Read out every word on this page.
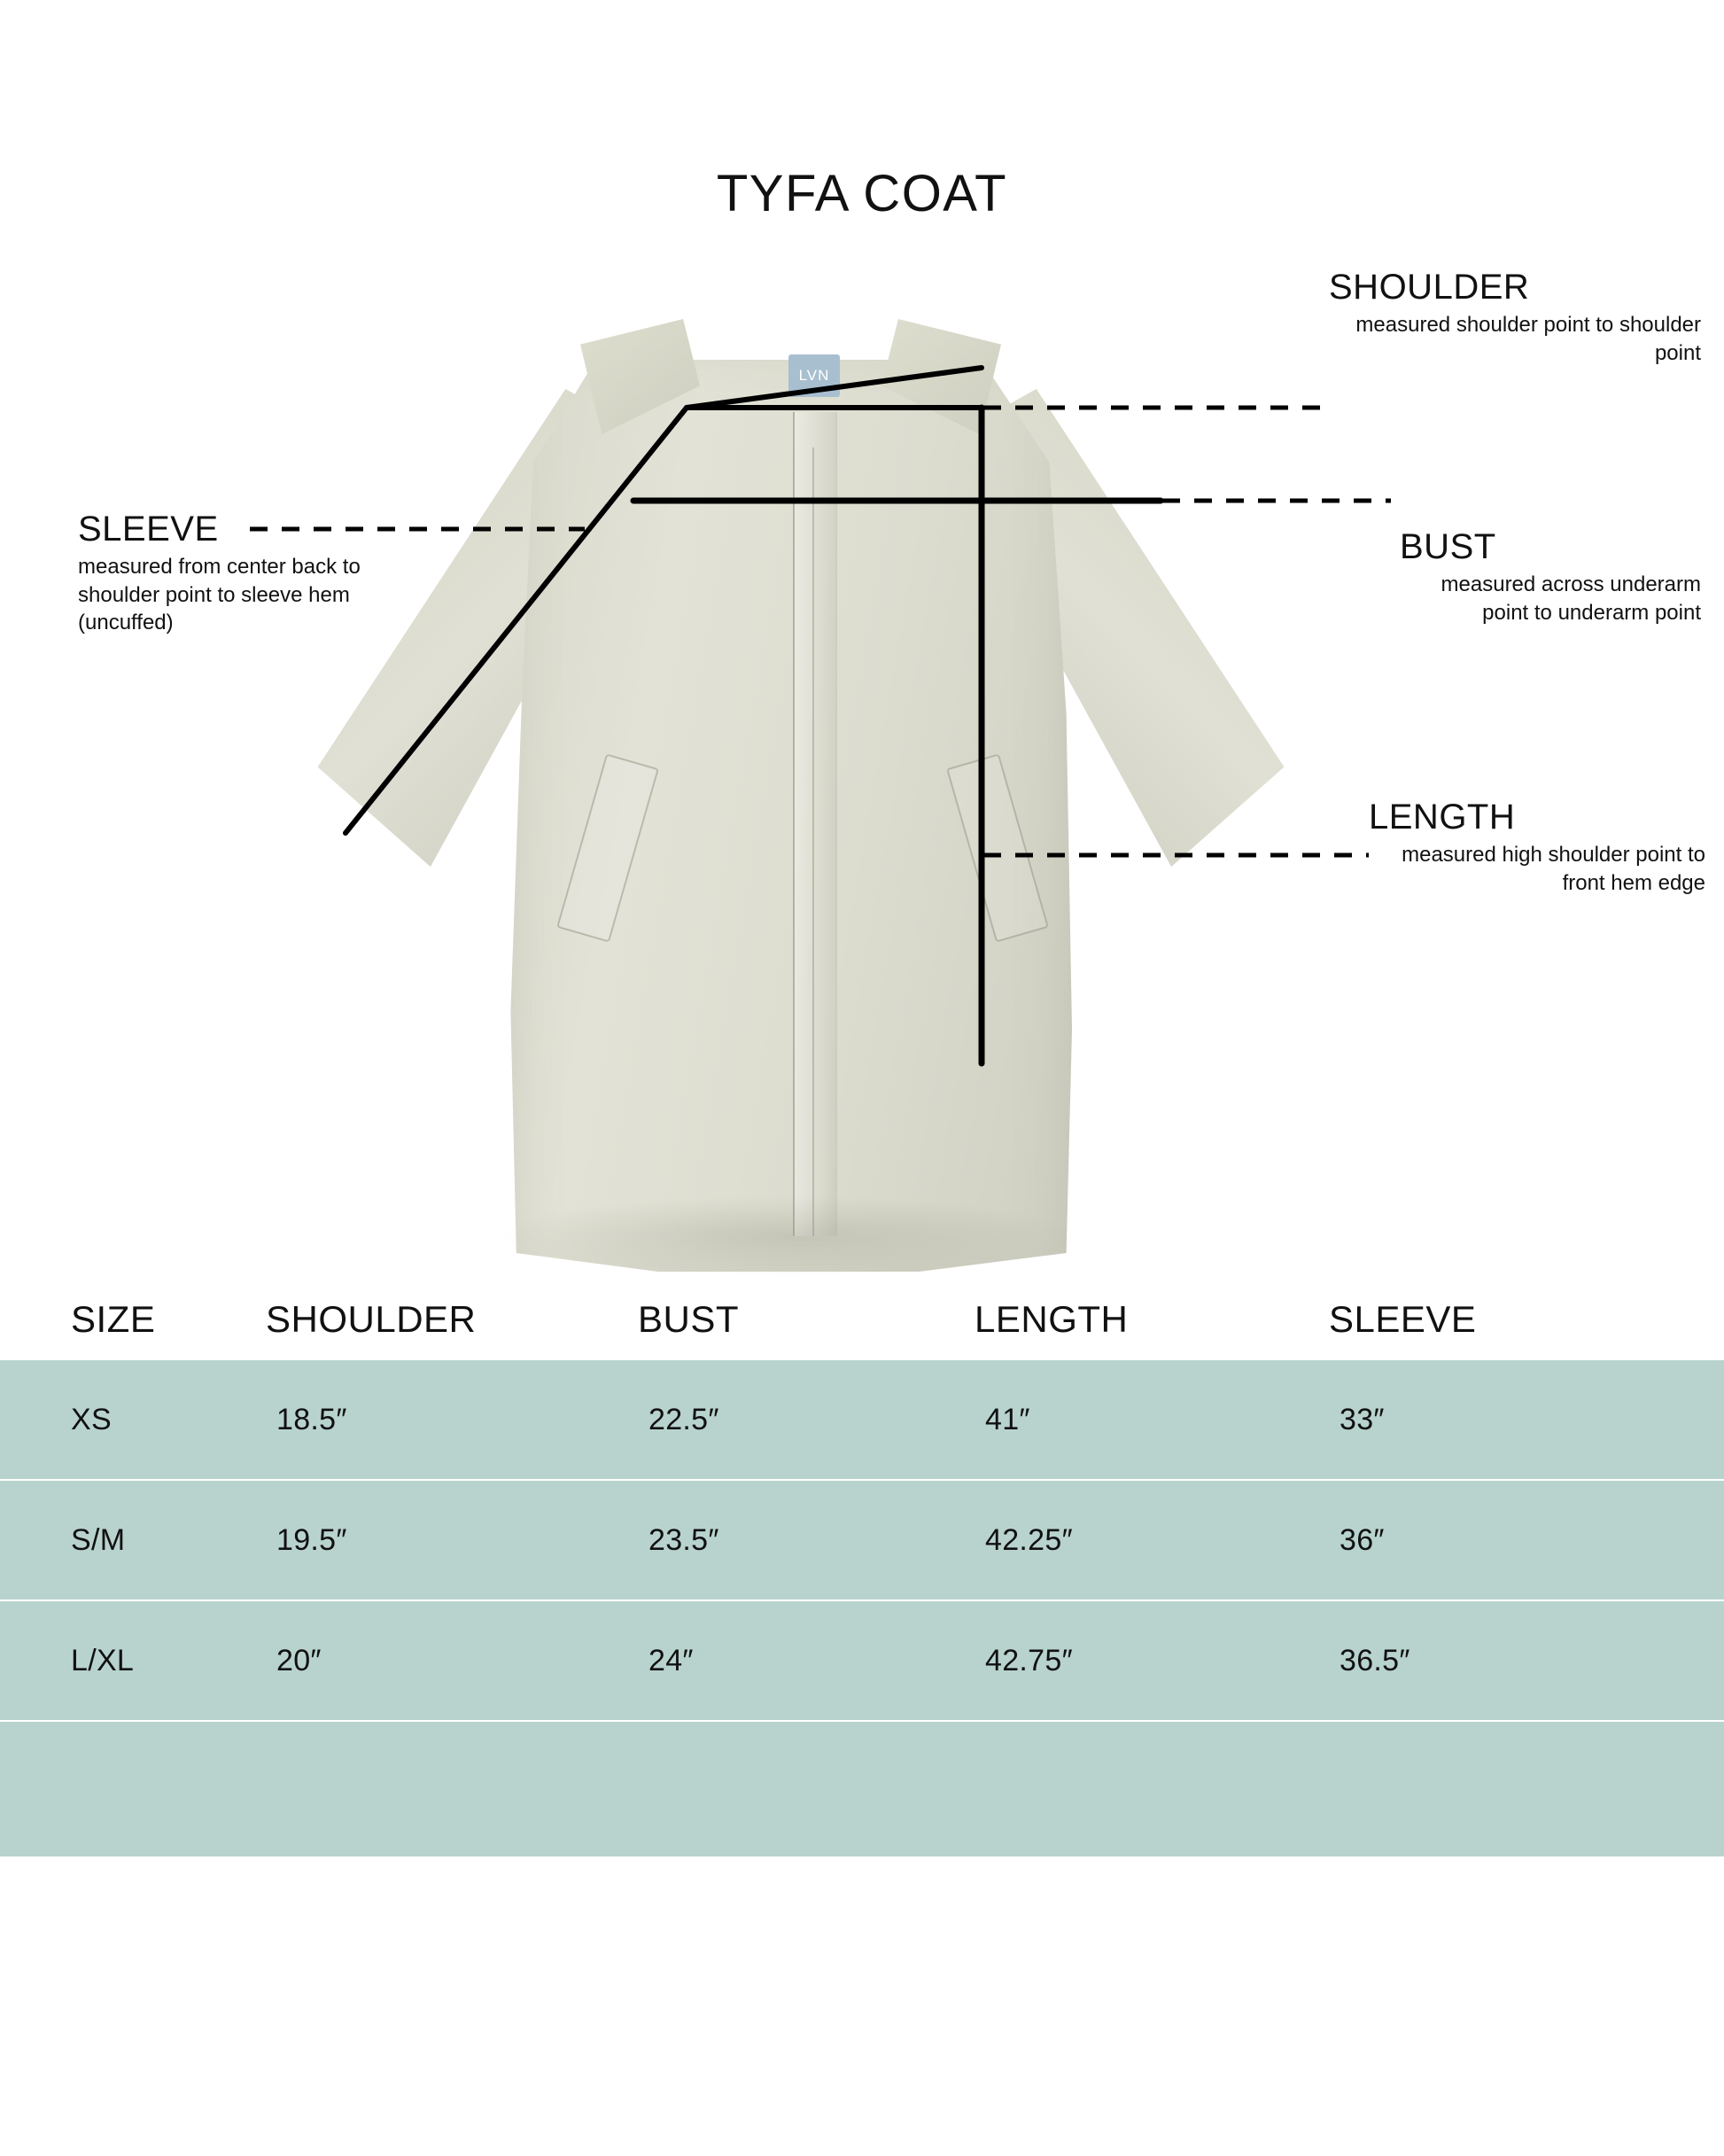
TYFA COAT
LVN
SLEEVE
measured from center back to shoulder point to sleeve hem (uncuffed)
SHOULDER
measured shoulder point to shoulder point
BUST
measured across underarm point to underarm point
LENGTH
measured high shoulder point to front hem edge
SIZE	SHOULDER	BUST	LENGTH	SLEEVE
XS	18.5″	22.5″	41″	33″
S/M	19.5″	23.5″	42.25″	36″
L/XL	20″	24″	42.75″	36.5″
